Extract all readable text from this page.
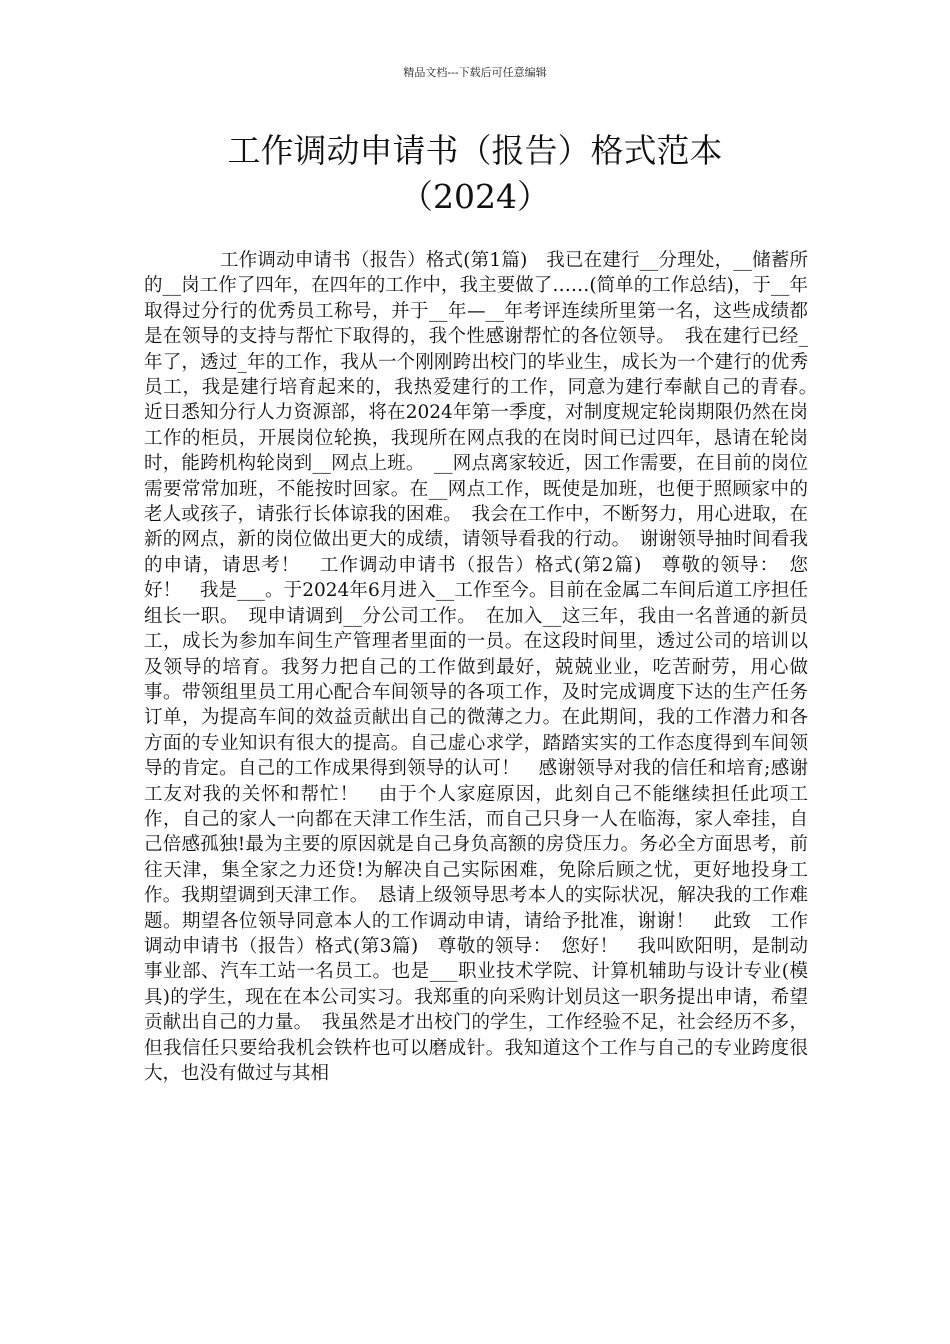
精品文档---下载后可任意编辑
工作调动申请书（报告）格式范本
（2024）

工作调动申请书（报告）格式(第1篇)　我已在建行__分理处，__储蓄所的__岗工作了四年，在四年的工作中，我主要做了……(简单的工作总结)，于__年取得过分行的优秀员工称号，并于__年—__年考评连续所里第一名，这些成绩都是在领导的支持与帮忙下取得的，我个性感谢帮忙的各位领导。　我在建行已经_年了，透过_年的工作，我从一个刚刚跨出校门的毕业生，成长为一个建行的优秀员工，我是建行培育起来的，我热爱建行的工作，同意为建行奉献自己的青春。　近日悉知分行人力资源部，将在2024年第一季度，对制度规定轮岗期限仍然在岗工作的柜员，开展岗位轮换，我现所在网点我的在岗时间已过四年，恳请在轮岗时，能跨机构轮岗到__网点上班。　__网点离家较近，因工作需要，在目前的岗位需要常常加班，不能按时回家。在__网点工作，既使是加班，也便于照顾家中的老人或孩子，请张行长体谅我的困难。　我会在工作中，不断努力，用心进取，在新的网点，新的岗位做出更大的成绩，请领导看我的行动。　谢谢领导抽时间看我的申请，请思考！　工作调动申请书（报告）格式(第2篇)　尊敬的领导：　您好！　我是___。于2024年6月进入__工作至今。目前在金属二车间后道工序担任组长一职。　现申请调到__分公司工作。　在加入__这三年，我由一名普通的新员工，成长为参加车间生产管理者里面的一员。在这段时间里，透过公司的培训以及领导的培育。我努力把自己的工作做到最好，兢兢业业，吃苦耐劳，用心做事。带领组里员工用心配合车间领导的各项工作，及时完成调度下达的生产任务订单，为提高车间的效益贡献出自己的微薄之力。在此期间，我的工作潜力和各方面的专业知识有很大的提高。自己虚心求学，踏踏实实的工作态度得到车间领导的肯定。自己的工作成果得到领导的认可！　感谢领导对我的信任和培育;感谢工友对我的关怀和帮忙！　由于个人家庭原因，此刻自己不能继续担任此项工作，自己的家人一向都在天津工作生活，而自己只身一人在临海，家人牵挂，自己倍感孤独!最为主要的原因就是自己身负高额的房贷压力。务必全方面思考，前往天津，集全家之力还贷!为解决自己实际困难，免除后顾之忧，更好地投身工作。我期望调到天津工作。　恳请上级领导思考本人的实际状况，解决我的工作难题。期望各位领导同意本人的工作调动申请，请给予批准，谢谢！　此致　工作调动申请书（报告）格式(第3篇)　尊敬的领导：　您好！　我叫欧阳明，是制动事业部、汽车工站一名员工。也是___职业技术学院、计算机辅助与设计专业(模具)的学生，现在在本公司实习。我郑重的向采购计划员这一职务提出申请，希望贡献出自己的力量。　我虽然是才出校门的学生，工作经验不足，社会经历不多，但我信任只要给我机会铁杵也可以磨成针。我知道这个工作与自己的专业跨度很大，也没有做过与其相
